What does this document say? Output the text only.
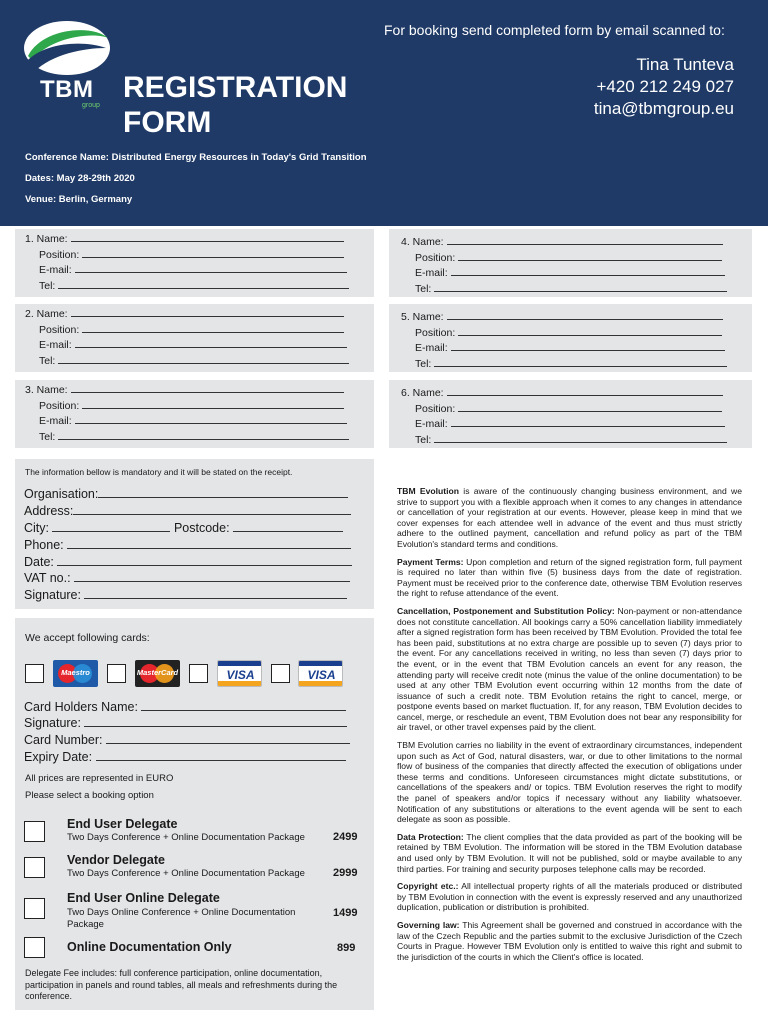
TBM
group
REGISTRATION
FORM
For booking send completed form by email scanned to:
Tina Tunteva
+420 212 249 027
tina@tbmgroup.eu
Conference Name: Distributed Energy Resources in Today's Grid Transition
Dates: May 28-29th 2020
Venue: Berlin, Germany
1. Name:
Position:
E-mail:
Tel:
2. Name:
Position:
E-mail:
Tel:
3. Name:
Position:
E-mail:
Tel:
4. Name:
Position:
E-mail:
Tel:
5. Name:
Position:
E-mail:
Tel:
6. Name:
Position:
E-mail:
Tel:
The information bellow is mandatory and it will be stated on the receipt.
Organisation:
Address:
City:	Postcode:
Phone:
Date:
VAT no.:
Signature:
We accept following cards:
Maestro	MasterCard	VISA	VISA
Card Holders Name:
Signature:
Card Number:
Expiry Date:
All prices are represented in EURO
Please select a booking option
End User Delegate
Two Days Conference + Online Documentation Package	2499
Vendor Delegate
Two Days Conference + Online Documentation Package	2999
End User Online Delegate
Two Days Online Conference + Online Documentation Package
1499
Online Documentation Only	899
Delegate Fee includes: full conference participation, online documentation, participation in panels and round tables, all meals and refreshments during the conference.

TBM Evolution is aware of the continuously changing business environment, and we strive to support you with a flexible approach when it comes to any changes in attendance or cancellation of your registration at our events. However, please keep in mind that we cover expenses for each attendee well in advance of the event and thus must strictly adhere to the outlined payment, cancellation and refund policy as part of the TBM Evolution's standard terms and conditions.

Payment Terms: Upon completion and return of the signed registration form, full payment is required no later than within five (5) business days from the date of registration. Payment must be received prior to the conference date, otherwise TBM Evolution reserves the right to refuse attendance of the event.

Cancellation, Postponement and Substitution Policy: Non-payment or non-attendance does not constitute cancellation. All bookings carry a 50% cancellation liability immediately after a signed registration form has been received by TBM Evolution. Provided the total fee has been paid, substitutions at no extra charge are possible up to seven (7) days prior to the event. For any cancellations received in writing, no less than seven (7) days prior to the event, or in the event that TBM Evolution cancels an event for any reason, the attending party will receive credit note (minus the value of the online documentation) to be used at any other TBM Evolution event occurring within 12 months from the date of issuance of such a credit note. TBM Evolution retains the right to cancel, merge, or postpone events based on market fluctuation. If, for any reason, TBM Evolution decides to cancel, merge, or reschedule an event, TBM Evolution does not bear any responsibility for air travel, or other travel expenses paid by the client.

TBM Evolution carries no liability in the event of extraordinary circumstances, independent upon such as Act of God, natural disasters, war, or due to other limitations to the normal flow of business of the companies that directly affected the execution of obligations under these terms and conditions. Unforeseen circumstances might dictate substitutions, or cancellations of the speakers and/ or topics. TBM Evolution reserves the right to modify the panel of speakers and/or topics if necessary without any liability whatsoever. Notification of any substitutions or alterations to the event agenda will be sent to each delegate as soon as possible.

Data Protection: The client complies that the data provided as part of the booking will be retained by TBM Evolution. The information will be stored in the TBM Evolution database and used only by TBM Evolution. It will not be published, sold or maybe available to any third parties. For training and security purposes telephone calls may be recorded.

Copyright etc.: All intellectual property rights of all the materials produced or distributed by TBM Evolution in connection with the event is expressly reserved and any unauthorized duplication, publication or distribution is prohibited.

Governing law: This Agreement shall be governed and construed in accordance with the law of the Czech Republic and the parties submit to the exclusive Jurisdiction of the Czech Courts in Prague. However TBM Evolution only is entitled to waive this right and submit to the jurisdiction of the courts in which the Client's office is located.
